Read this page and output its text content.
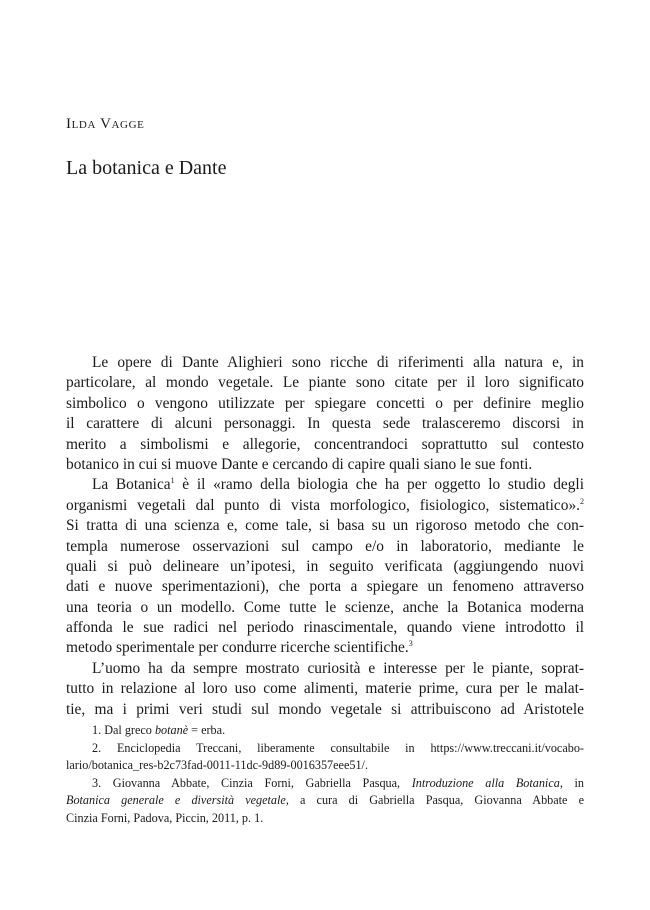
Ilda Vagge
La botanica e Dante
Le opere di Dante Alighieri sono ricche di riferimenti alla natura e, in
particolare, al mondo vegetale. Le piante sono citate per il loro significato
simbolico o vengono utilizzate per spiegare concetti o per definire meglio
il carattere di alcuni personaggi. In questa sede tralasceremo discorsi in
merito a simbolismi e allegorie, concentrandoci soprattutto sul contesto
botanico in cui si muove Dante e cercando di capire quali siano le sue fonti.
La Botanica$^1$ è il «ramo della biologia che ha per oggetto lo studio degli
organismi vegetali dal punto di vista morfologico, fisiologico, sistematico».$^2$
Si tratta di una scienza e, come tale, si basa su un rigoroso metodo che con-
templa numerose osservazioni sul campo e/o in laboratorio, mediante le
quali si può delineare un’ipotesi, in seguito verificata (aggiungendo nuovi
dati e nuove sperimentazioni), che porta a spiegare un fenomeno attraverso
una teoria o un modello. Come tutte le scienze, anche la Botanica moderna
affonda le sue radici nel periodo rinascimentale, quando viene introdotto il
metodo sperimentale per condurre ricerche scientifiche.$^3$
L’uomo ha da sempre mostrato curiosità e interesse per le piante, soprat-
tutto in relazione al loro uso come alimenti, materie prime, cura per le malat-
tie, ma i primi veri studi sul mondo vegetale si attribuiscono ad Aristotele
1. Dal greco botanè = erba.
2. Enciclopedia Treccani, liberamente consultabile in https://www.treccani.it/vocabo-
lario/botanica_res-b2c73fad-0011-11dc-9d89-0016357eee51/.
3. Giovanna Abbate, Cinzia Forni, Gabriella Pasqua, Introduzione alla Botanica, in
Botanica generale e diversità vegetale, a cura di Gabriella Pasqua, Giovanna Abbate e
Cinzia Forni, Padova, Piccin, 2011, p. 1.
